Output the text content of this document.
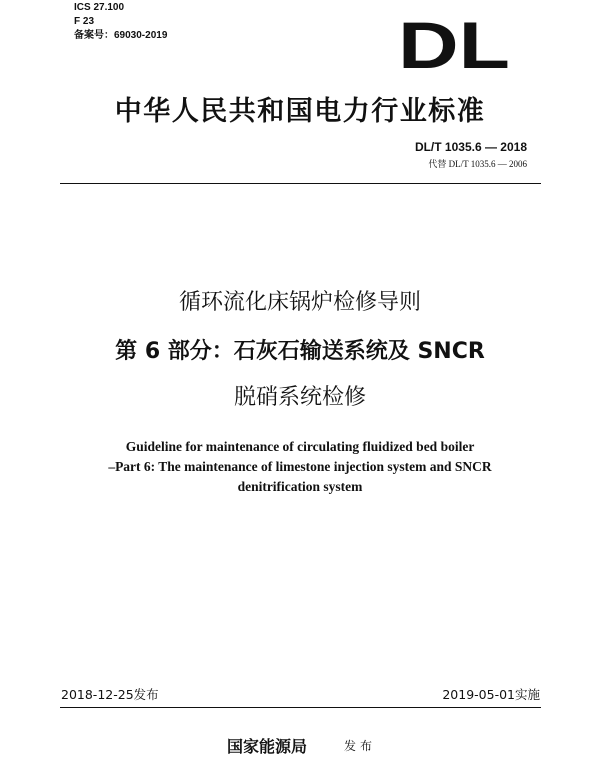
ICS 27.100
F 23
备案号：69030-2019	DL
中华人民共和国电力行业标准
DL/T 1035.6 — 2018
代替 DL/T 1035.6 — 2006
循环流化床锅炉检修导则
第 6 部分：石灰石输送系统及 SNCR
脱硝系统检修
Guideline for maintenance of circulating fluidized bed boiler
–Part 6: The maintenance of limestone injection system and SNCR
denitrification system
2018-12-25发布	2019-05-01实施
国家能源局	发布
